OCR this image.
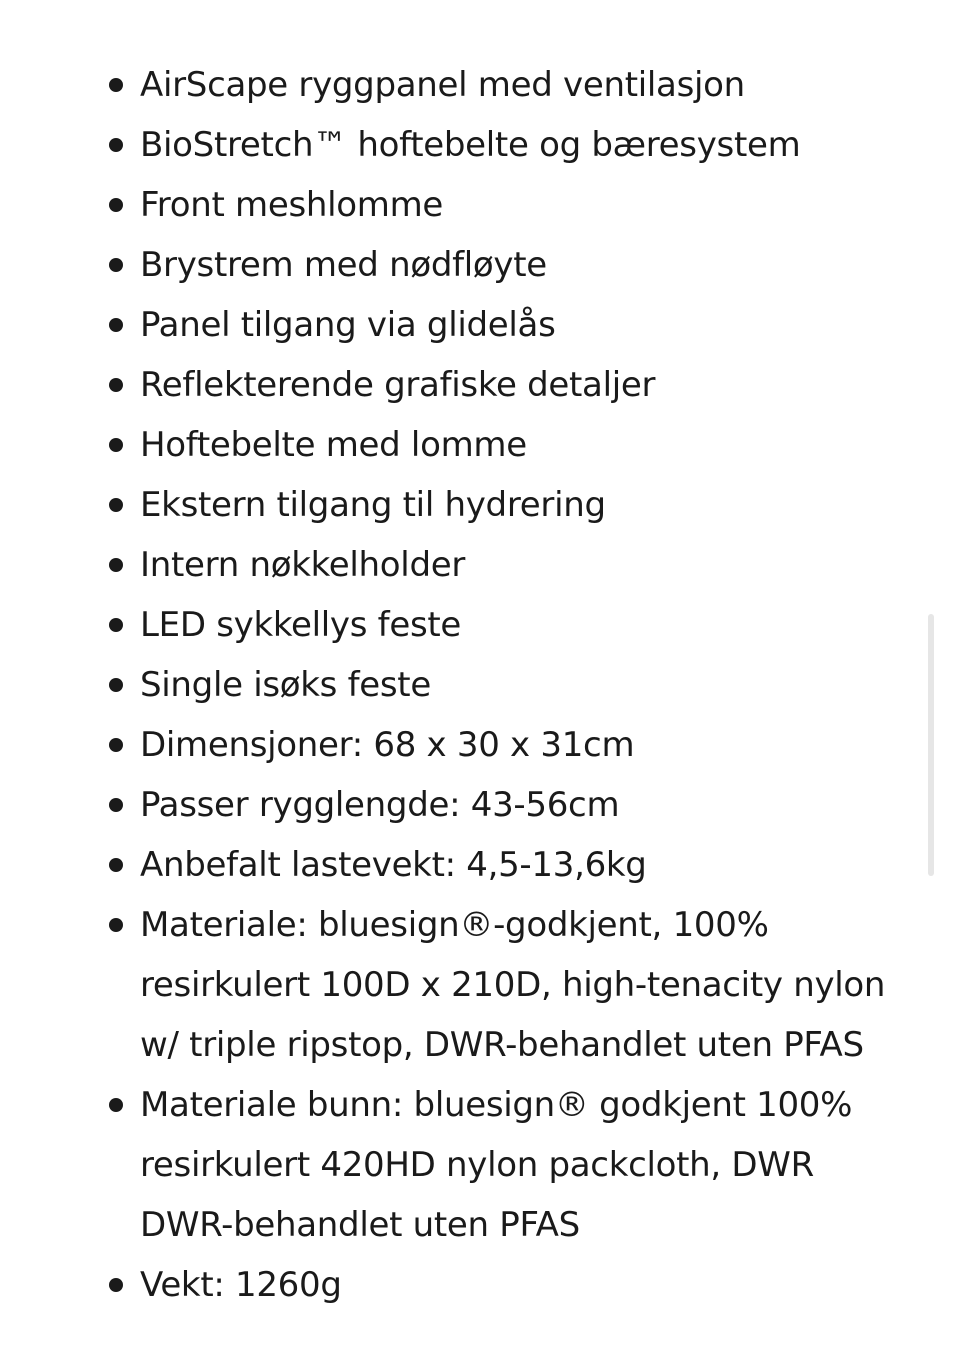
AirScape ryggpanel med ventilasjon
BioStretch™ hoftebelte og bæresystem
Front meshlomme
Brystrem med nødfløyte
Panel tilgang via glidelås
Reflekterende grafiske detaljer
Hoftebelte med lomme
Ekstern tilgang til hydrering
Intern nøkkelholder
LED sykkellys feste
Single isøks feste
Dimensjoner: 68 x 30 x 31cm
Passer rygglengde: 43-56cm
Anbefalt lastevekt: 4,5-13,6kg
Materiale: bluesign®-godkjent, 100%
resirkulert 100D x 210D, high-tenacity nylon
w/ triple ripstop, DWR-behandlet uten PFAS
Materiale bunn: bluesign® godkjent 100%
resirkulert 420HD nylon packcloth, DWR
DWR-behandlet uten PFAS
Vekt: 1260g
